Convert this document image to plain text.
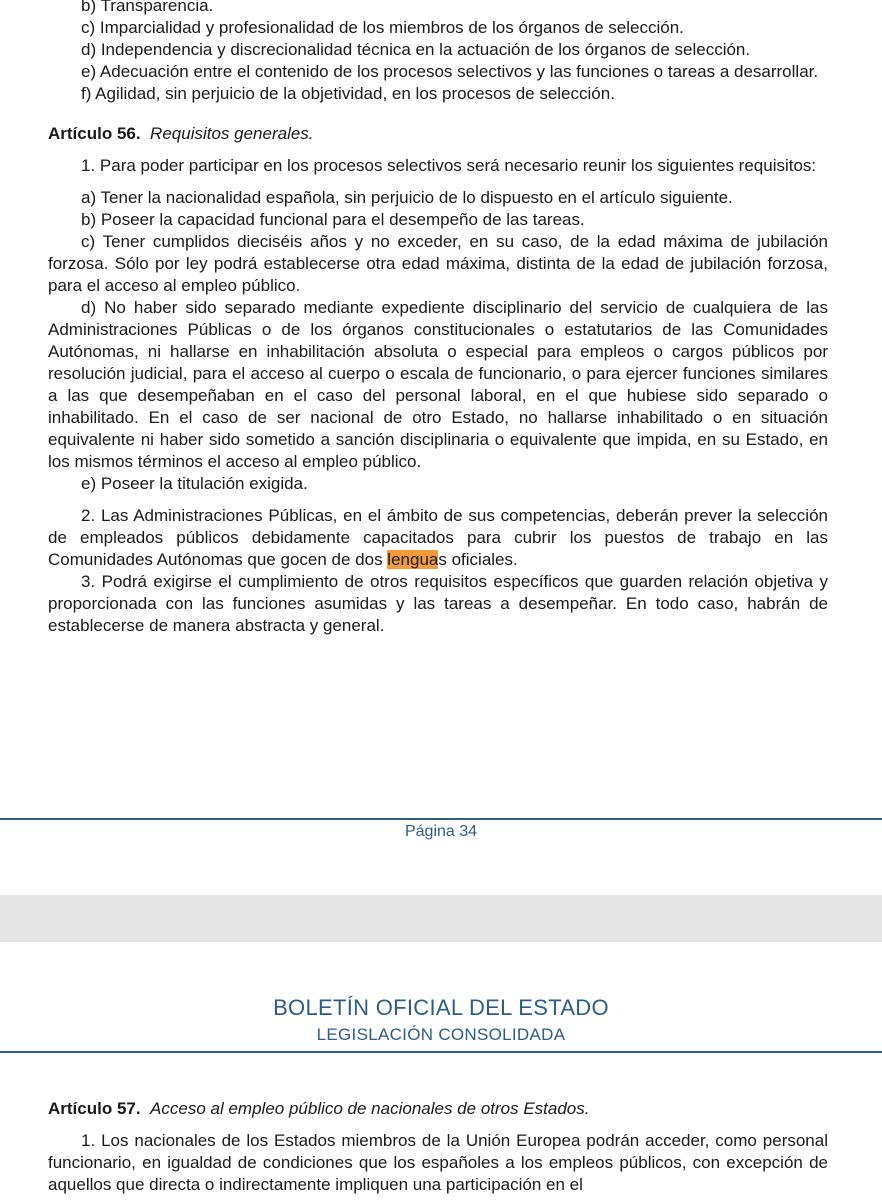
b) Transparencia.

c) Imparcialidad y profesionalidad de los miembros de los órganos de selección.

d) Independencia y discrecionalidad técnica en la actuación de los órganos de selección.

e) Adecuación entre el contenido de los procesos selectivos y las funciones o tareas a desarrollar.

f) Agilidad, sin perjuicio de la objetividad, en los procesos de selección.

Artículo 56. Requisitos generales.

1. Para poder participar en los procesos selectivos será necesario reunir los siguientes requisitos:

a) Tener la nacionalidad española, sin perjuicio de lo dispuesto en el artículo siguiente.

b) Poseer la capacidad funcional para el desempeño de las tareas.

c) Tener cumplidos dieciséis años y no exceder, en su caso, de la edad máxima de jubilación forzosa. Sólo por ley podrá establecerse otra edad máxima, distinta de la edad de jubilación forzosa, para el acceso al empleo público.

d) No haber sido separado mediante expediente disciplinario del servicio de cualquiera de las Administraciones Públicas o de los órganos constitucionales o estatutarios de las Comunidades Autónomas, ni hallarse en inhabilitación absoluta o especial para empleos o cargos públicos por resolución judicial, para el acceso al cuerpo o escala de funcionario, o para ejercer funciones similares a las que desempeñaban en el caso del personal laboral, en el que hubiese sido separado o inhabilitado. En el caso de ser nacional de otro Estado, no hallarse inhabilitado o en situación equivalente ni haber sido sometido a sanción disciplinaria o equivalente que impida, en su Estado, en los mismos términos el acceso al empleo público.

e) Poseer la titulación exigida.

2. Las Administraciones Públicas, en el ámbito de sus competencias, deberán prever la selección de empleados públicos debidamente capacitados para cubrir los puestos de trabajo en las Comunidades Autónomas que gocen de dos lenguas oficiales.

3. Podrá exigirse el cumplimiento de otros requisitos específicos que guarden relación objetiva y proporcionada con las funciones asumidas y las tareas a desempeñar. En todo caso, habrán de establecerse de manera abstracta y general.

Página 34
BOLETÍN OFICIAL DEL ESTADO
LEGISLACIÓN CONSOLIDADA

Artículo 57. Acceso al empleo público de nacionales de otros Estados.

1. Los nacionales de los Estados miembros de la Unión Europea podrán acceder, como personal funcionario, en igualdad de condiciones que los españoles a los empleos públicos, con excepción de aquellos que directa o indirectamente impliquen una participación en el
